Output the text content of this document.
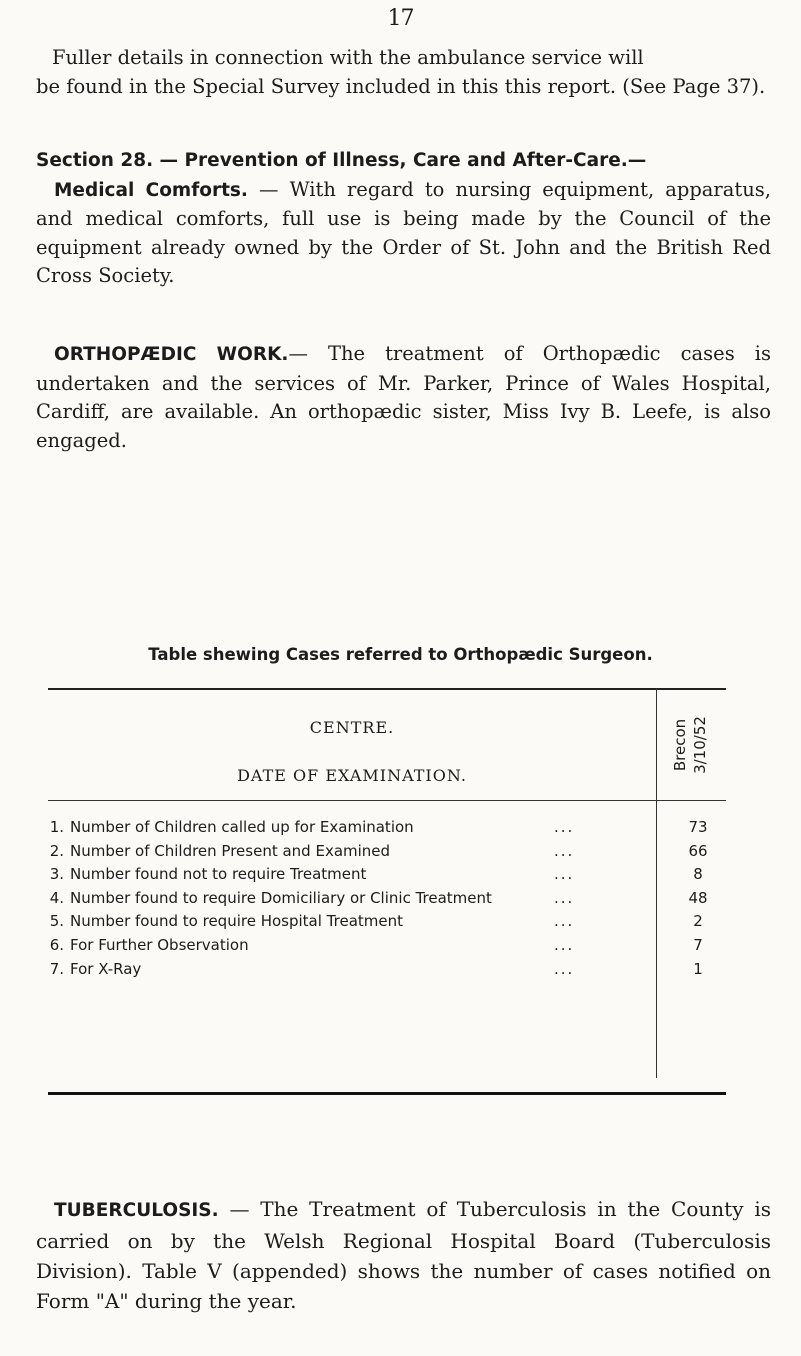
17
Fuller details in connection with the ambulance service will
be found in the Special Survey included in this this report. (See Page 37).
Section 28. — Prevention of Illness, Care and After-Care.—
Medical Comforts. — With regard to nursing equipment, apparatus, and medical comforts, full use is being made by the Council of the equipment already owned by the Order of St. John and the British Red Cross Society.
ORTHOPÆDIC WORK.— The treatment of Orthopædic cases is undertaken and the services of Mr. Parker, Prince of Wales Hospital, Cardiff, are available. An orthopædic sister, Miss Ivy B. Leefe, is also engaged.
Table shewing Cases referred to Orthopædic Surgeon.
CENTRE.
DATE OF EXAMINATION.
Brecon 3/10/52
1. Number of Children called up for Examination	...	73
2. Number of Children Present and Examined	...	66
3. Number found not to require Treatment	...	8
4. Number found to require Domiciliary or Clinic Treatment	...	48
5. Number found to require Hospital Treatment	...	2
6. For Further Observation	...	7
7. For X-Ray	...	1
TUBERCULOSIS. — The Treatment of Tuberculosis in the County is carried on by the Welsh Regional Hospital Board (Tuberculosis Division). Table V (appended) shows the number of cases notified on Form "A" during the year.
